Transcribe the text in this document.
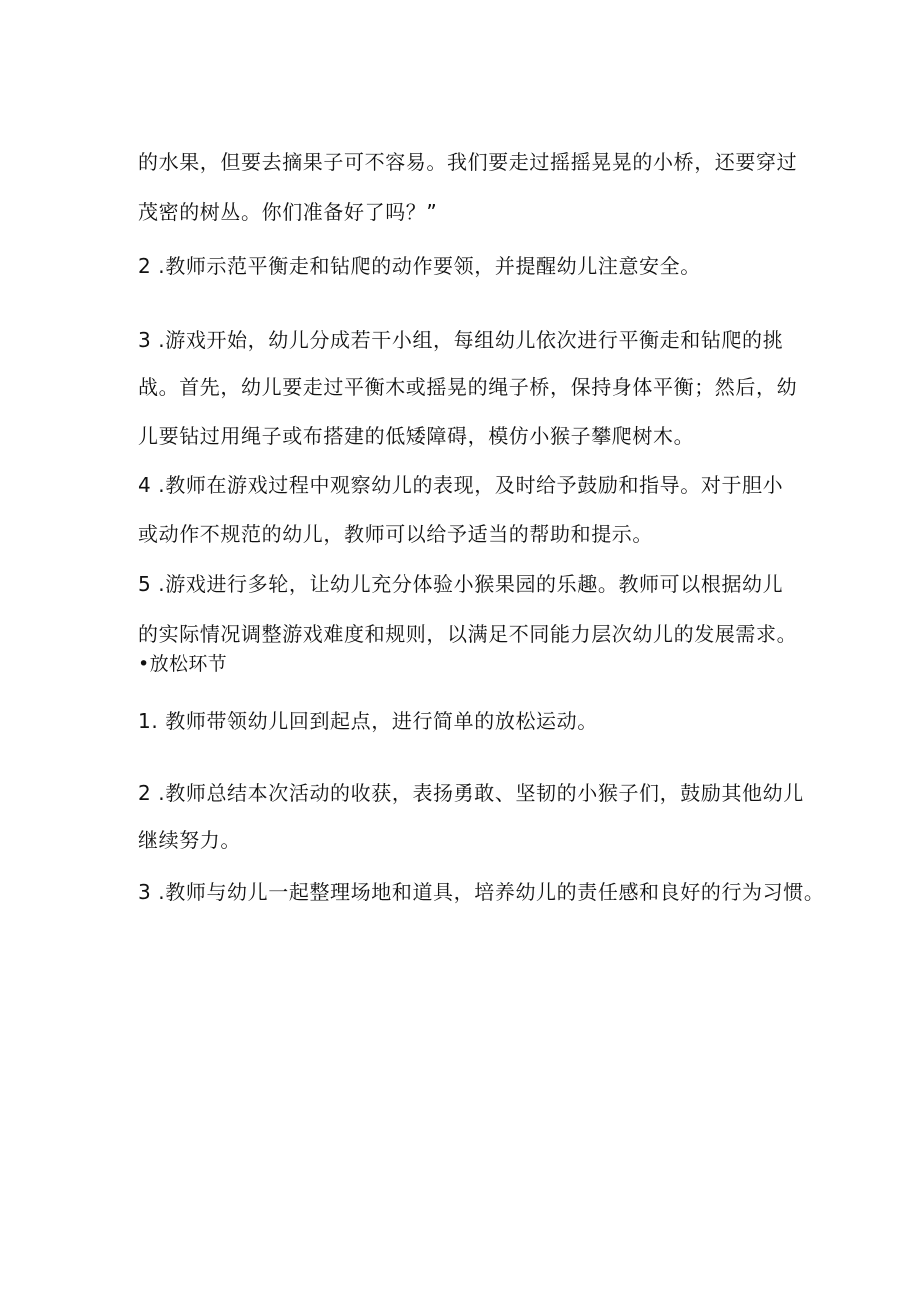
的水果，但要去摘果子可不容易。我们要走过摇摇晃晃的小桥，还要穿过

茂密的树丛。你们准备好了吗？”

2 .教师示范平衡走和钻爬的动作要领，并提醒幼儿注意安全。

3 .游戏开始，幼儿分成若干小组，每组幼儿依次进行平衡走和钻爬的挑

战。首先，幼儿要走过平衡木或摇晃的绳子桥，保持身体平衡；然后，幼

儿要钻过用绳子或布搭建的低矮障碍，模仿小猴子攀爬树木。

4 .教师在游戏过程中观察幼儿的表现，及时给予鼓励和指导。对于胆小

或动作不规范的幼儿，教师可以给予适当的帮助和提示。

5 .游戏进行多轮，让幼儿充分体验小猴果园的乐趣。教师可以根据幼儿

的实际情况调整游戏难度和规则，以满足不同能力层次幼儿的发展需求。

•放松环节

1. 教师带领幼儿回到起点，进行简单的放松运动。

2 .教师总结本次活动的收获，表扬勇敢、坚韧的小猴子们，鼓励其他幼儿

继续努力。

3 .教师与幼儿一起整理场地和道具，培养幼儿的责任感和良好的行为习惯。
